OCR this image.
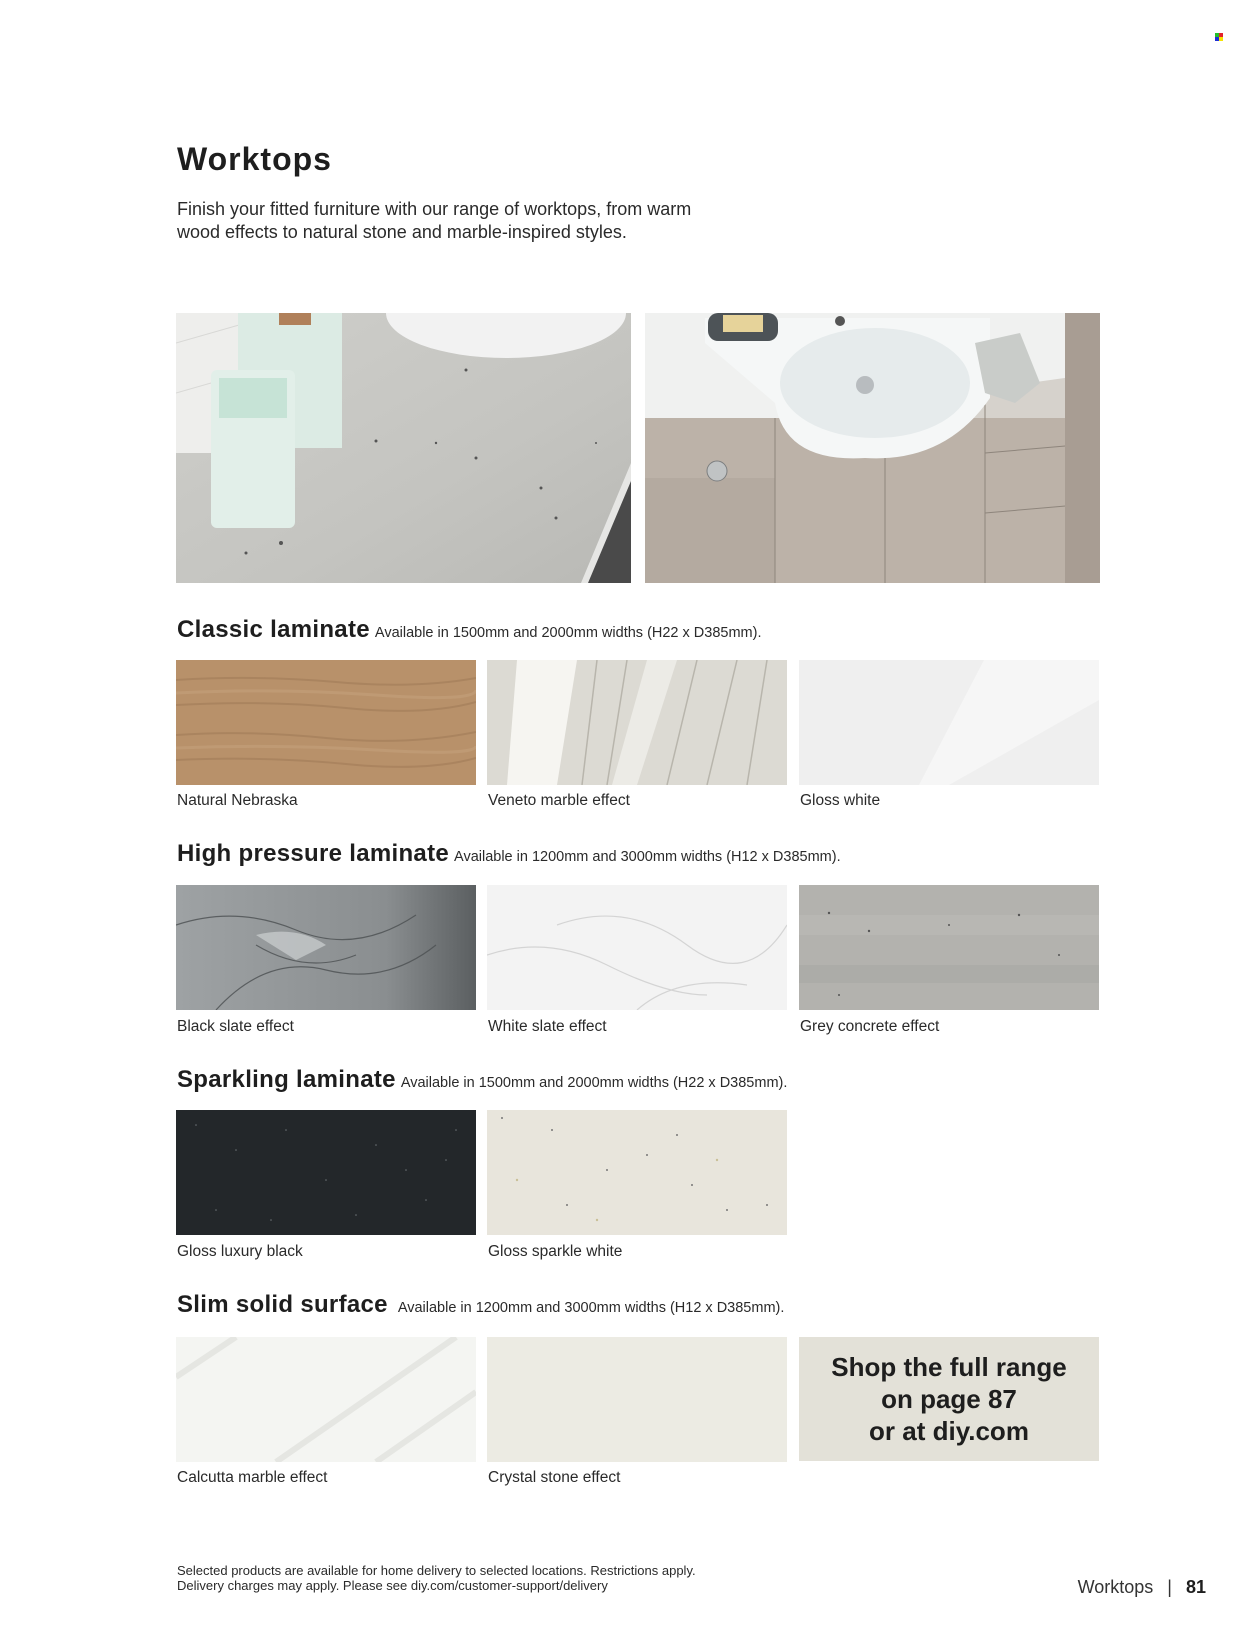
Worktops
Finish your fitted furniture with our range of worktops, from warm
wood effects to natural stone and marble-inspired styles.
Classic laminate Available in 1500mm and 2000mm widths (H22 x D385mm).
Natural Nebraska	Veneto marble effect	Gloss white
High pressure laminate Available in 1200mm and 3000mm widths (H12 x D385mm).
Black slate effect	White slate effect	Grey concrete effect
Sparkling laminate Available in 1500mm and 2000mm widths (H22 x D385mm).
Gloss luxury black	Gloss sparkle white
Slim solid surface Available in 1200mm and 3000mm widths (H12 x D385mm).
Calcutta marble effect	Crystal stone effect
Shop the full range
on page 87
or at diy.com
Selected products are available for home delivery to selected locations. Restrictions apply.
Delivery charges may apply. Please see diy.com/customer-support/delivery	Worktops | 81
